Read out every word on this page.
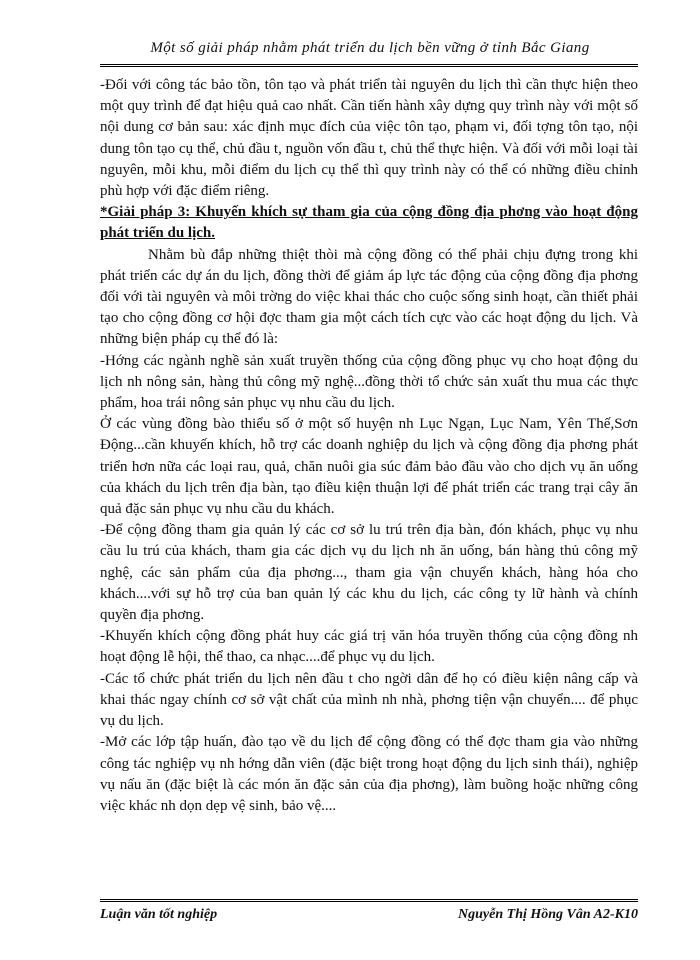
Một số giải pháp nhằm phát triển du lịch bền vững ở tỉnh Bắc Giang

-Đối với công tác bảo tồn, tôn tạo và phát triển tài nguyên du lịch thì cần thực hiện theo một quy trình để đạt hiệu quả cao nhất. Cần tiến hành xây dựng quy trình này với một số nội dung cơ bản sau: xác định mục đích của việc tôn tạo, phạm vi, đối tợng tôn tạo, nội dung tôn tạo cụ thể, chủ đầu t, nguồn vốn đầu t, chủ thể thực hiện. Và đối với mỗi loại tài nguyên, mỗi khu, mỗi điểm du lịch cụ thể thì quy trình này có thể có những điều chỉnh phù hợp với đặc điểm riêng.

*Giải pháp 3: Khuyến khích sự tham gia của cộng đồng địa phơng vào hoạt động phát triển du lịch.

Nhằm bù đắp những thiệt thòi mà cộng đồng có thể phải chịu đựng trong khi phát triển các dự án du lịch, đồng thời để giảm áp lực tác động của cộng đồng địa phơng đối với tài nguyên và môi trờng do việc khai thác cho cuộc sống sinh hoạt, cần thiết phải tạo cho cộng đồng cơ hội đợc tham gia một cách tích cực vào các hoạt động du lịch. Và những biện pháp cụ thể đó là:

-Hớng các ngành nghề sản xuất truyền thống của cộng đồng phục vụ cho hoạt động du lịch nh nông sản, hàng thủ công mỹ nghệ...đồng thời tổ chức sản xuất thu mua các thực phẩm, hoa trái nông sản phục vụ nhu cầu du lịch.

Ở các vùng đồng bào thiểu số ở một số huyện nh Lục Ngạn, Lục Nam, Yên Thế,Sơn Động...cần khuyến khích, hỗ trợ các doanh nghiệp du lịch và cộng đồng địa phơng phát triển hơn nữa các loại rau, quả, chăn nuôi gia súc đảm bảo đầu vào cho dịch vụ ăn uống của khách du lịch trên địa bàn, tạo điều kiện thuận lợi để phát triển các trang trại cây ăn quả đặc sản phục vụ nhu cầu du khách.

-Để cộng đồng tham gia quản lý các cơ sở lu trú trên địa bàn, đón khách, phục vụ nhu cầu lu trú của khách, tham gia các dịch vụ du lịch nh ăn uống, bán hàng thủ công mỹ nghệ, các sản phẩm của địa phơng..., tham gia vận chuyển khách, hàng hóa cho khách....với sự hỗ trợ của ban quản lý các khu du lịch, các công ty lữ hành và chính quyền địa phơng.

-Khuyến khích cộng đồng phát huy các giá trị văn hóa truyền thống của cộng đồng nh hoạt động lễ hội, thể thao, ca nhạc....để phục vụ du lịch.

-Các tổ chức phát triển du lịch nên đầu t cho ngời dân để họ có điều kiện nâng cấp và khai thác ngay chính cơ sở vật chất của mình nh nhà, phơng tiện vận chuyển.... để phục vụ du lịch.

-Mở các lớp tập huấn, đào tạo về du lịch để cộng đồng có thể đợc tham gia vào những công tác nghiệp vụ nh hớng dẫn viên (đặc biệt trong hoạt động du lịch sinh thái), nghiệp vụ nấu ăn (đặc biệt là các món ăn đặc sản của địa phơng), làm buồng hoặc những công việc khác nh dọn dẹp vệ sinh, bảo vệ....

Luận văn tốt nghiệp	Nguyễn Thị Hồng Vân A2-K10
